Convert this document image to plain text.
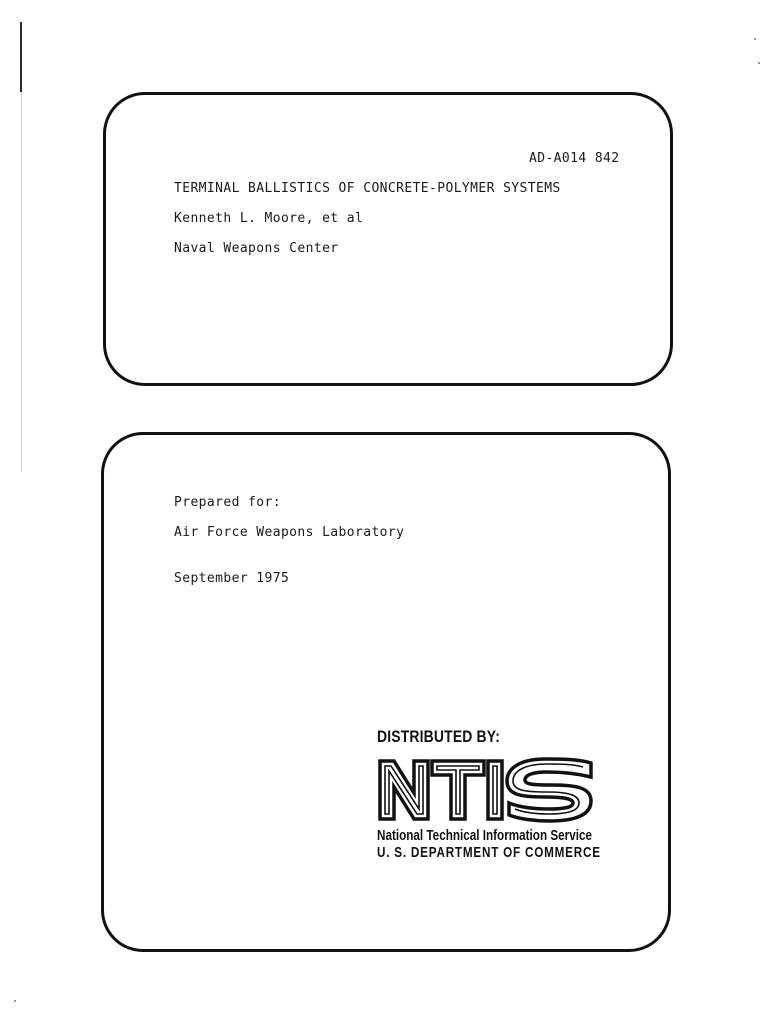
AD-A014 842
TERMINAL BALLISTICS OF CONCRETE-POLYMER SYSTEMS
Kenneth L. Moore, et al
Naval Weapons Center
Prepared for:
Air Force Weapons Laboratory
September 1975
DISTRIBUTED BY:
National Technical Information Service
U. S. DEPARTMENT OF COMMERCE
